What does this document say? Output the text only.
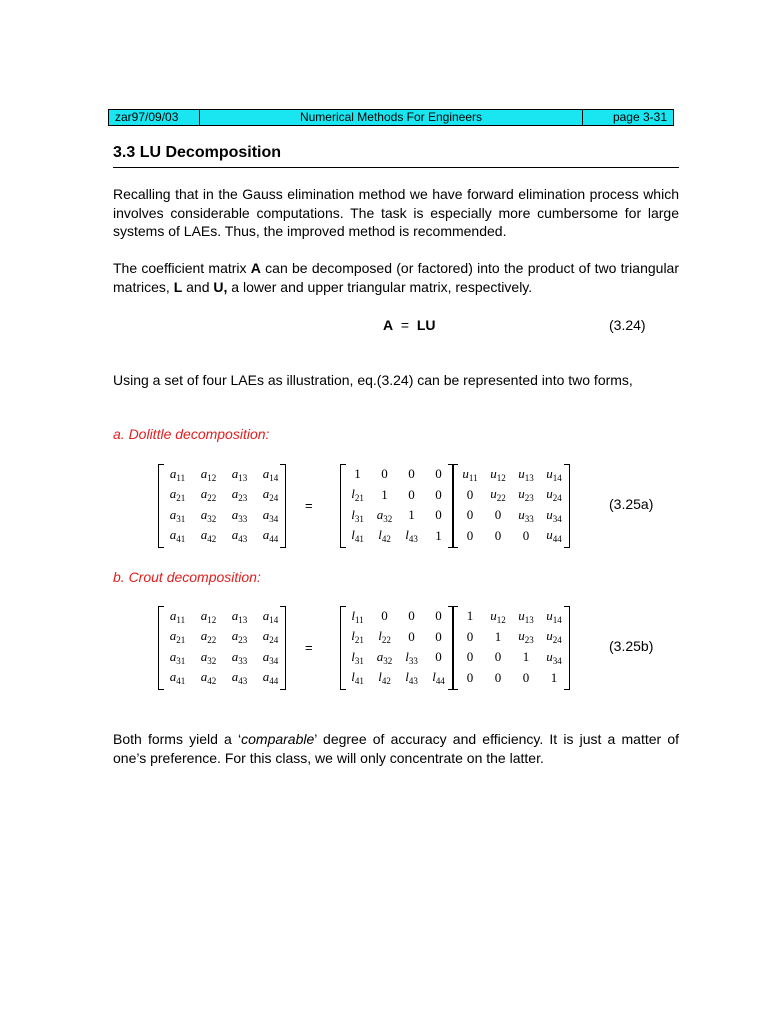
zar97/09/03	Numerical Methods For Engineers	page 3-31
3.3 LU Decomposition
Recalling that in the Gauss elimination method we have forward elimination process which involves considerable computations. The task is especially more cumbersome for large systems of LAEs. Thus, the improved method is recommended.
The coefficient matrix A can be decomposed (or factored) into the product of two triangular matrices, L and U, a lower and upper triangular matrix, respectively.
A = LU	(3.24)
Using a set of four LAEs as illustration, eq.(3.24) can be represented into two forms,
a. Dolittle decomposition:
$a_{11}$	$a_{12}$	$a_{13}$	$a_{14}$
$a_{21}$	$a_{22}$	$a_{23}$	$a_{24}$
$a_{31}$	$a_{32}$	$a_{33}$	$a_{34}$
$a_{41}$	$a_{42}$	$a_{43}$	$a_{44}$
=
1	0	0	0
$l_{21}$	1	0	0
$l_{31}$	$a_{32}$	1	0
$l_{41}$	$l_{42}$	$l_{43}$	1
$u_{11}$	$u_{12}$	$u_{13}$	$u_{14}$
0	$u_{22}$	$u_{23}$	$u_{24}$
0	0	$u_{33}$	$u_{34}$
0	0	0	$u_{44}$
(3.25a)
b. Crout decomposition:
$a_{11}$	$a_{12}$	$a_{13}$	$a_{14}$
$a_{21}$	$a_{22}$	$a_{23}$	$a_{24}$
$a_{31}$	$a_{32}$	$a_{33}$	$a_{34}$
$a_{41}$	$a_{42}$	$a_{43}$	$a_{44}$
=
$l_{11}$	0	0	0
$l_{21}$	$l_{22}$	0	0
$l_{31}$	$a_{32}$	$l_{33}$	0
$l_{41}$	$l_{42}$	$l_{43}$	$l_{44}$
1	$u_{12}$	$u_{13}$	$u_{14}$
0	1	$u_{23}$	$u_{24}$
0	0	1	$u_{34}$
0	0	0	1
(3.25b)
Both forms yield a ‘comparable’ degree of accuracy and efficiency. It is just a matter of one’s preference. For this class, we will only concentrate on the latter.
